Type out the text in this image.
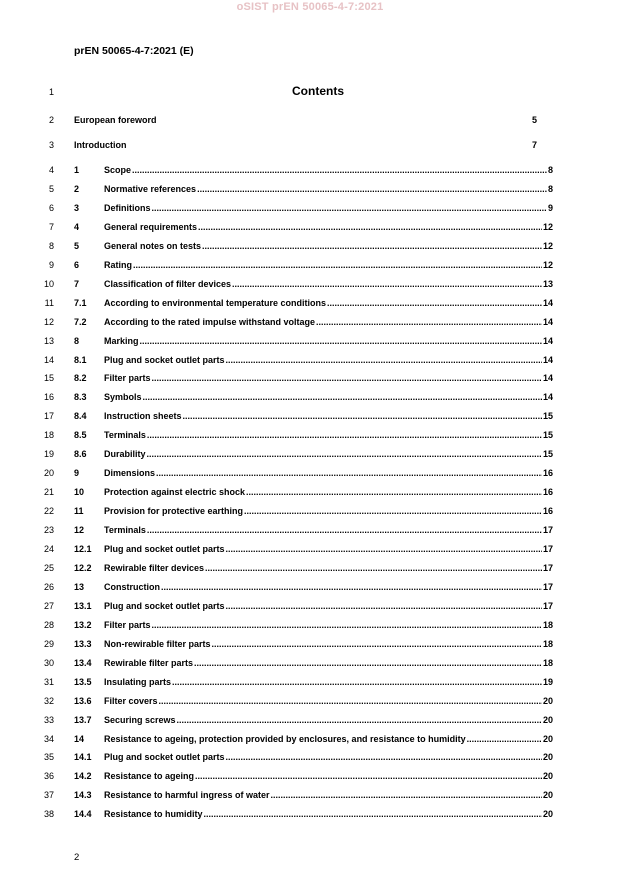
oSIST prEN 50065-4-7:2021
prEN 50065-4-7:2021 (E)
1	Contents
2 European foreword	5
3 Introduction	7
4 1	Scope .....	8
5 2	Normative references .....	8
6 3	Definitions .....	9
7 4	General requirements .....	12
8 5	General notes on tests .....	12
9 6	Rating .....	12
10 7	Classification of filter devices .....	13
11 7.1	According to environmental temperature conditions .....	14
12 7.2	According to the rated impulse withstand voltage .....	14
13 8	Marking .....	14
14 8.1	Plug and socket outlet parts .....	14
15 8.2	Filter parts .....	14
16 8.3	Symbols .....	14
17 8.4	Instruction sheets .....	15
18 8.5	Terminals .....	15
19 8.6	Durability .....	15
20 9	Dimensions .....	16
21 10	Protection against electric shock .....	16
22 11	Provision for protective earthing .....	16
23 12	Terminals .....	17
24 12.1	Plug and socket outlet parts .....	17
25 12.2	Rewirable filter devices .....	17
26 13	Construction .....	17
27 13.1	Plug and socket outlet parts .....	17
28 13.2	Filter parts .....	18
29 13.3	Non-rewirable filter parts .....	18
30 13.4	Rewirable filter parts .....	18
31 13.5	Insulating parts .....	19
32 13.6	Filter covers .....	20
33 13.7	Securing screws .....	20
34 14	Resistance to ageing, protection provided by enclosures, and resistance to humidity .....	20
35 14.1	Plug and socket outlet parts .....	20
36 14.2	Resistance to ageing .....	20
37 14.3	Resistance to harmful ingress of water .....	20
38 14.4	Resistance to humidity .....	20
2
